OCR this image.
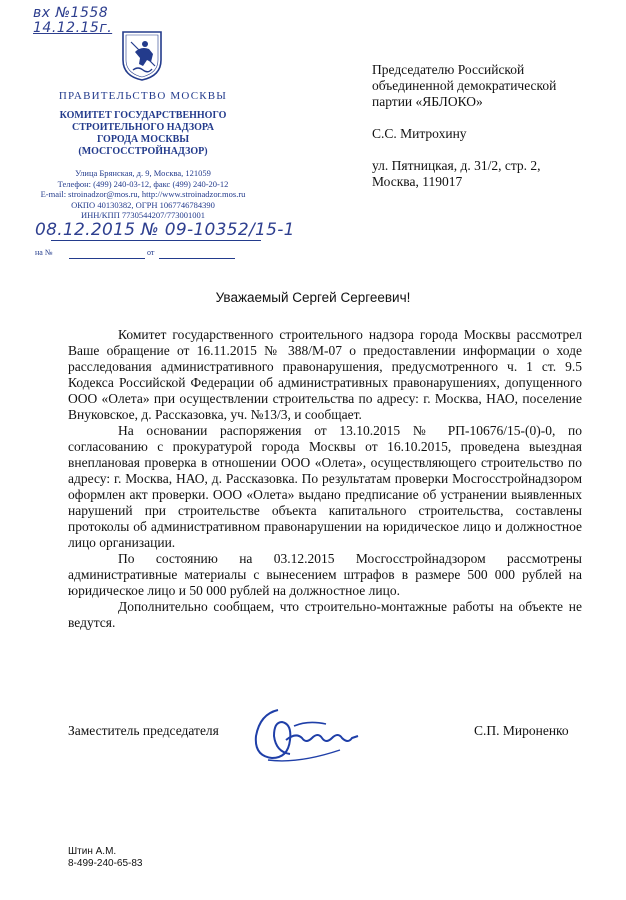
вх №1558
14.12.15г.
ПРАВИТЕЛЬСТВО МОСКВЫ
КОМИТЕТ ГОСУДАРСТВЕННОГО
СТРОИТЕЛЬНОГО НАДЗОРА
ГОРОДА МОСКВЫ
(МОСГОССТРОЙНАДЗОР)
Улица Брянская, д. 9, Москва, 121059
Телефон: (499) 240-03-12, факс (499) 240-20-12
E-mail: stroinadzor@mos.ru, http://www.stroinadzor.mos.ru
ОКПО 40130382, ОГРН 1067746784390
ИНН/КПП 7730544207/773001001
08.12.2015 № 09-10352/15-1
на №	от

Председателю Российской

объединенной демократической

партии «ЯБЛОКО»

С.С. Митрохину

ул. Пятницкая, д. 31/2, стр. 2,

Москва, 119017

Уважаемый Сергей Сергеевич!

Комитет государственного строительного надзора города Москвы рассмотрел Ваше обращение от 16.11.2015 № 388/М-07 о предоставлении информации о ходе расследования административного правонарушения, предусмотренного ч. 1 ст. 9.5 Кодекса Российской Федерации об административных правонарушениях, допущенного ООО «Олета» при осуществлении строительства по адресу: г. Москва, НАО, поселение Внуковское, д. Рассказовка, уч. №13/3, и сообщает.

На основании распоряжения от 13.10.2015 № РП-10676/15-(0)-0, по согласованию с прокуратурой города Москвы от 16.10.2015, проведена выездная внеплановая проверка в отношении ООО «Олета», осуществляющего строительство по адресу: г. Москва, НАО, д. Рассказовка. По результатам проверки Мосгосстройнадзором оформлен акт проверки. ООО «Олета» выдано предписание об устранении выявленных нарушений при строительстве объекта капитального строительства, составлены протоколы об административном правонарушении на юридическое лицо и должностное лицо организации.

По состоянию на 03.12.2015 Мосгосстройнадзором рассмотрены административные материалы с вынесением штрафов в размере 500 000 рублей на юридическое лицо и 50 000 рублей на должностное лицо.

Дополнительно сообщаем, что строительно-монтажные работы на объекте не ведутся.

Заместитель председателя	С.П. Мироненко
Штин А.М.
8-499-240-65-83
